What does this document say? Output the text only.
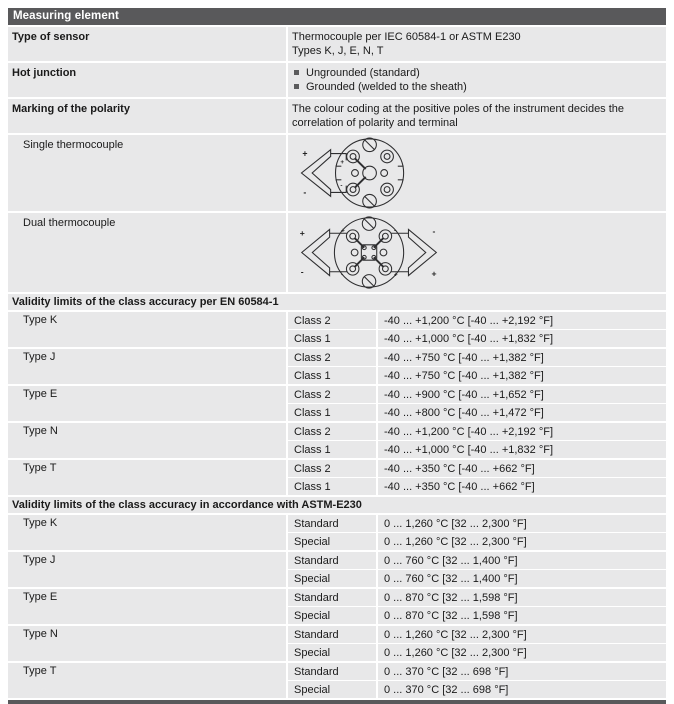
Measuring element
Type of sensor	Thermocouple per IEC 60584-1 or ASTM E230
Types K, J, E, N, T
Hot junction	Ungrounded (standard)
Grounded (welded to the sheath)
Marking of the polarity	The colour coding at the positive poles of the instrument decides the
correlation of polarity and terminal
Single thermocouple
+
-
+
-
Dual thermocouple
+
-
-
+
+
-
-
+
Validity limits of the class accuracy per EN 60584-1
Type K	Class 2	-40 ... +1,200 °C [-40 ... +2,192 °F]
Class 1	-40 ... +1,000 °C [-40 ... +1,832 °F]
Type J	Class 2	-40 ... +750 °C [-40 ... +1,382 °F]
Class 1	-40 ... +750 °C [-40 ... +1,382 °F]
Type E	Class 2	-40 ... +900 °C [-40 ... +1,652 °F]
Class 1	-40 ... +800 °C [-40 ... +1,472 °F]
Type N	Class 2	-40 ... +1,200 °C [-40 ... +2,192 °F]
Class 1	-40 ... +1,000 °C [-40 ... +1,832 °F]
Type T	Class 2	-40 ... +350 °C [-40 ... +662 °F]
Class 1	-40 ... +350 °C [-40 ... +662 °F]
Validity limits of the class accuracy in accordance with ASTM-E230
Type K	Standard	0 ... 1,260 °C [32 ... 2,300 °F]
Special	0 ... 1,260 °C [32 ... 2,300 °F]
Type J	Standard	0 ... 760 °C [32 ... 1,400 °F]
Special	0 ... 760 °C [32 ... 1,400 °F]
Type E	Standard	0 ... 870 °C [32 ... 1,598 °F]
Special	0 ... 870 °C [32 ... 1,598 °F]
Type N	Standard	0 ... 1,260 °C [32 ... 2,300 °F]
Special	0 ... 1,260 °C [32 ... 2,300 °F]
Type T	Standard	0 ... 370 °C [32 ... 698 °F]
Special	0 ... 370 °C [32 ... 698 °F]
